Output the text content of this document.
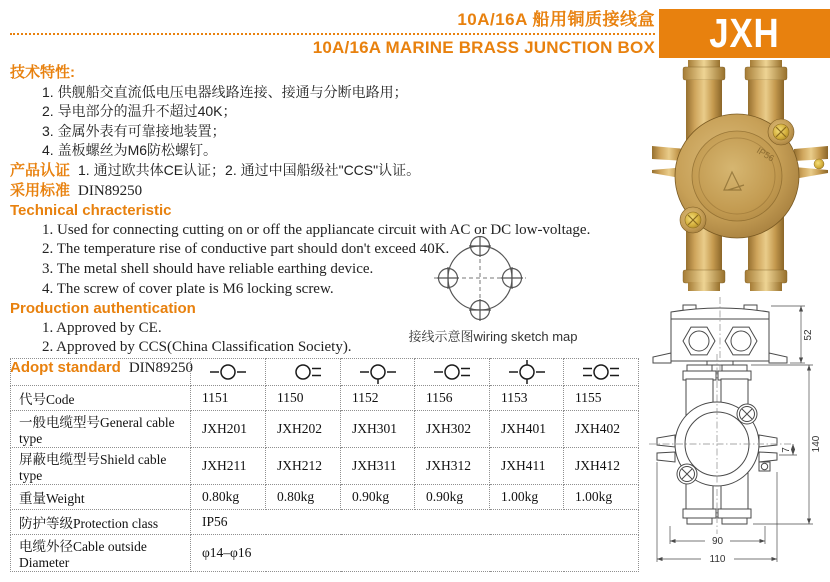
10A/16A 船用铜质接线盒
10A/16A MARINE BRASS JUNCTION BOX	JXH
技术特性:
1. 供舰船交直流低电压电器线路连接、接通与分断电路用；
2. 导电部分的温升不超过40K；
3. 金属外表有可靠接地装置；
4. 盖板螺丝为M6防松螺钉。
产品认证 1. 通过欧共体CE认证；2. 通过中国船级社"CCS"认证。
采用标准 DIN89250
Technical chracteristic
1. Used for connecting cutting on or off the appliancate circuit with AC or DC low-voltage.
2. The temperature rise of conductive part should don't exceed 40K.
3. The metal shell should have reliable earthing device.
4. The screw of cover plate is M6 locking screw.
Production authentication
1. Approved by CE.
2. Approved by CCS(China Classification Society).
Adopt standard DIN89250
接线示意图wiring sketch map

代号Code	1151	1150	1152	1156	1153	1155
一般电缆型号General cable type	JXH201	JXH202	JXH301	JXH302	JXH401	JXH402
屏蔽电缆型号Shield cable type	JXH211	JXH212	JXH311	JXH312	JXH411	JXH412
重量Weight	0.80kg	0.80kg	0.90kg	0.90kg	1.00kg	1.00kg
防护等级Protection class	IP56					
电缆外径Cable outside Diameter	φ14–φ16					
IP56
52
140
7
90
110
